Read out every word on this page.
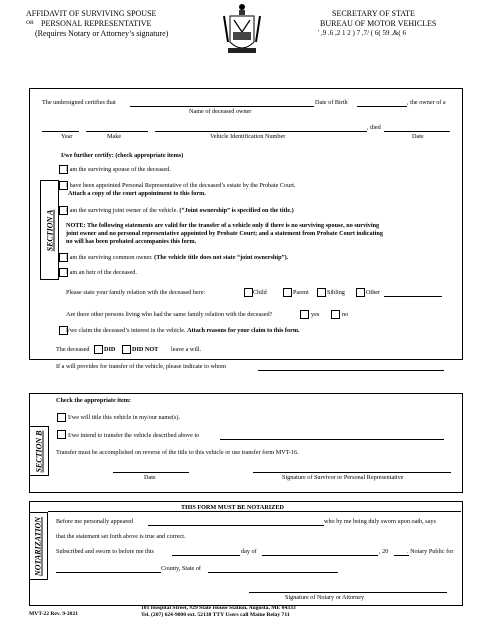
AFFIDAVIT OF SURVIVING SPOUSE
OR PERSONAL REPRESENTATIVE
(Requires Notary or Attorney’s signature)
SECRETARY OF STATE
BUREAU OF MOTOR VEHICLES
' ,9 .6 ,2 1 2 ) 7 ,7/ ( 6( 59 ,&( 6
The undersigned certifies that	Date of Birth	, the owner of a
Name of deceased owner
, died
Year	Make	Vehicle Identification Number	Date
SECTION A
I/we further certify: (check appropriate items)
I am the surviving spouse of the deceased.
I have been appointed Personal Representative of the deceased’s estate by the Probate Court.
Attach a copy of the court appointment to this form.
I am the surviving joint owner of the vehicle. (“Joint ownership” is specified on the title.)
NOTE: The following statements are valid for the transfer of a vehicle only if there is no surviving spouse, no surviving
joint owner and no personal representative appointed by Probate Court; and a statement from Probate Court indicating
no will has been probated accompanies this form.
I am the surviving common owner. (The vehicle title does not state “joint ownership”).
I am an heir of the deceased.
Please state your family relation with the deceased here:	Child	Parent	Sibling	Other
Are there other persons living who had the same family relation with the deceased?	yes	no
I/we claim the deceased’s interest in the vehicle. Attach reasons for your claim to this form.
The deceased DID	DID NOT leave a will.
If a will provides for transfer of the vehicle, please indicate to whom
SECTION B
Check the appropriate item:
I/we will title this vehicle in my/our name(s).
I/we intend to transfer the vehicle described above to
Transfer must be accomplished on reverse of the title to this vehicle or use transfer form MVT-16.
Date	Signature of Survivor or Personal Representative
NOTARIZATION
THIS FORM MUST BE NOTARIZED
Before me personally appeared	who by me being duly sworn upon oath, says
that the statement set forth above is true and correct.
Subscribed and sworn to before me this	day of	, 20	. Notary Public for
County, State of
Signature of Notary or Attorney
MVT-22 Rev. 9-2021
101 Hospital Street, #29 State House Station, Augusta, ME 04333
Tel. (207) 624-9000 ext. 52138 TTY Users call Maine Relay 711
